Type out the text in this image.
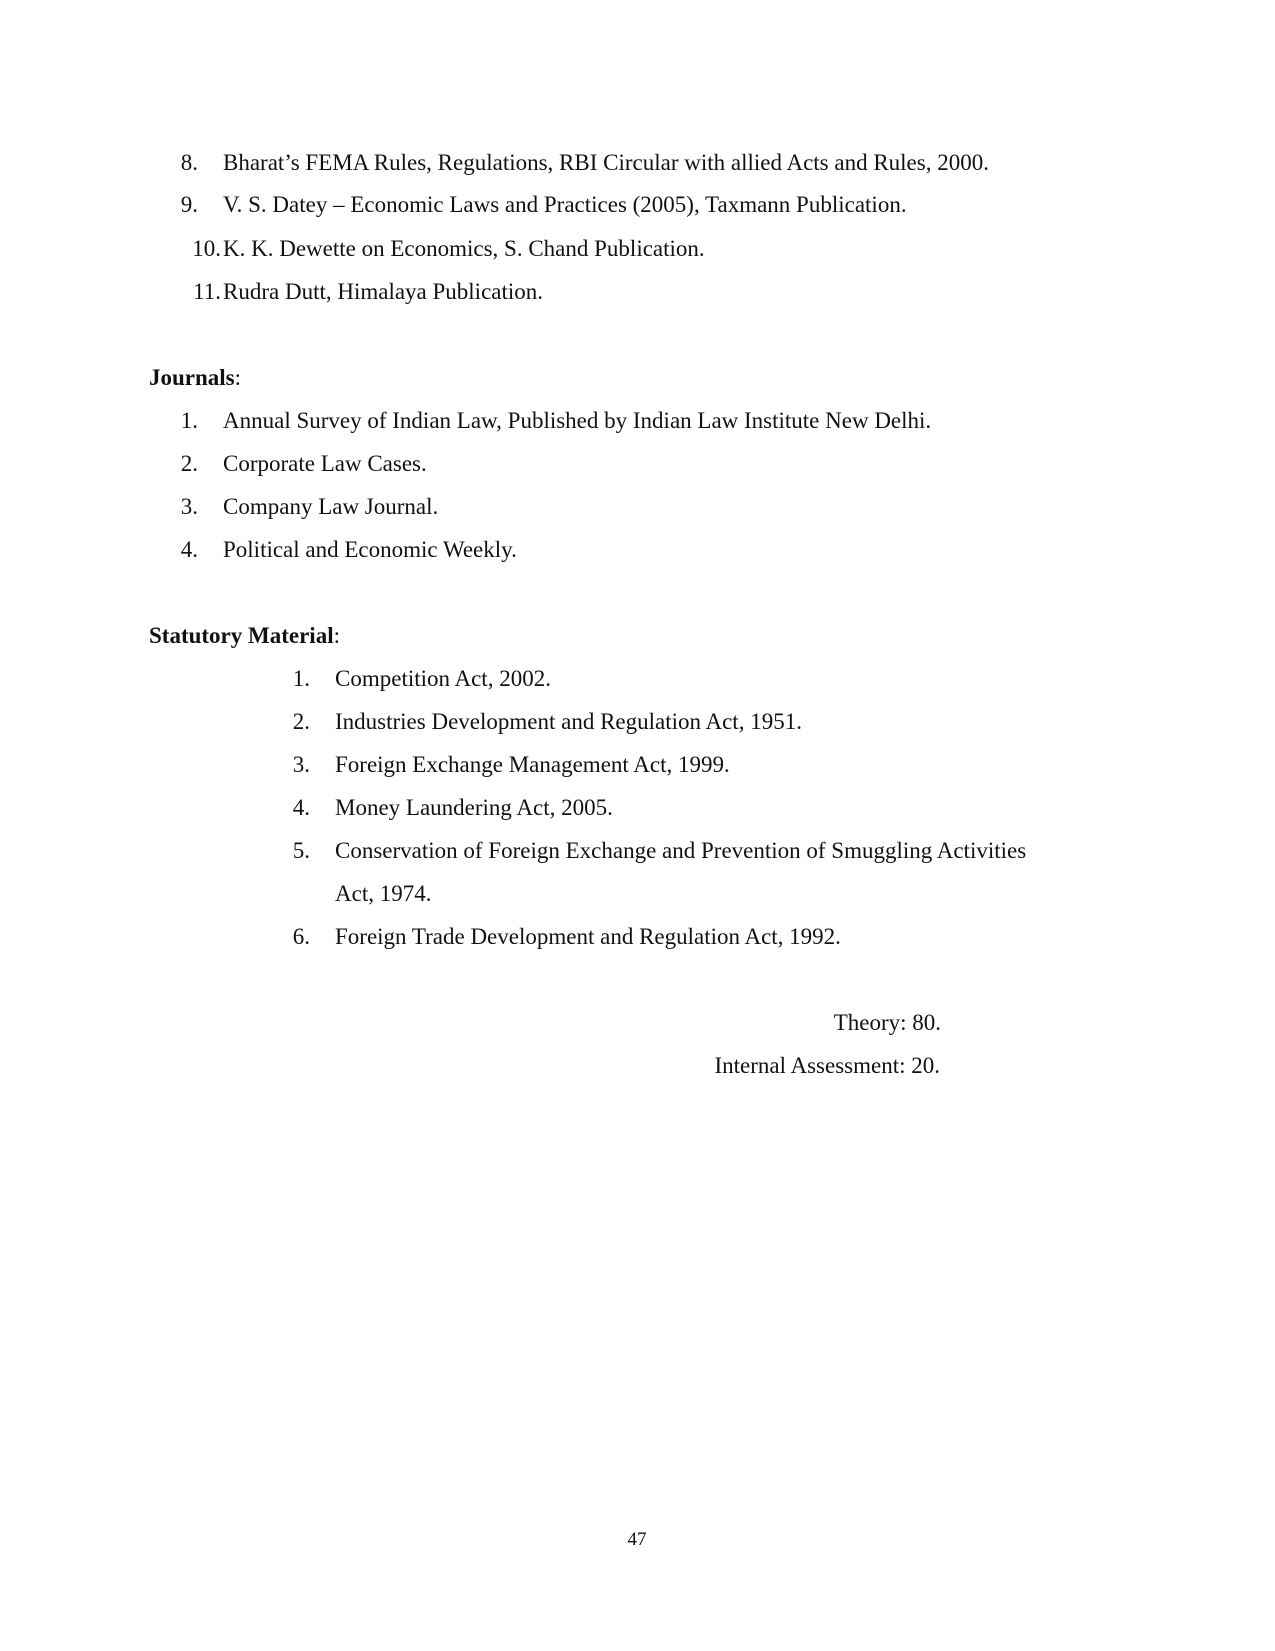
8. Bharat’s FEMA Rules, Regulations, RBI Circular with allied Acts and Rules, 2000.
9. V. S. Datey – Economic Laws and Practices (2005), Taxmann Publication.
10. K. K. Dewette on Economics, S. Chand Publication.
11. Rudra Dutt, Himalaya Publication.
Journals:
1. Annual Survey of Indian Law, Published by Indian Law Institute New Delhi.
2. Corporate Law Cases.
3. Company Law Journal.
4. Political and Economic Weekly.
Statutory Material:
1. Competition Act, 2002.
2. Industries Development and Regulation Act, 1951.
3. Foreign Exchange Management Act, 1999.
4. Money Laundering Act, 2005.
5. Conservation of Foreign Exchange and Prevention of Smuggling Activities
Act, 1974.
6. Foreign Trade Development and Regulation Act, 1992.
Theory: 80.
Internal Assessment: 20.
47
